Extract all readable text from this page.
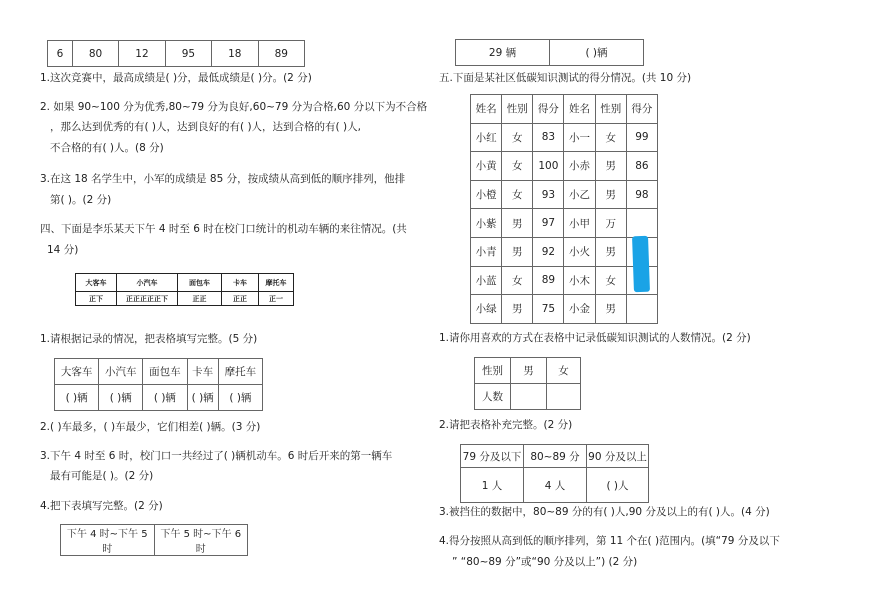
6	80	12	95	18	89
1.这次竞赛中，最高成绩是( )分，最低成绩是( )分。(2 分)
2. 如果 90~100 分为优秀,80~79 分为良好,60~79 分为合格,60 分以下为不合格
，那么达到优秀的有( )人，达到良好的有( )人，达到合格的有( )人,
不合格的有( )人。(8 分)
3.在这 18 名学生中，小军的成绩是 85 分，按成绩从高到低的顺序排列，他排
第( )。(2 分)
四、下面是李乐某天下午 4 时至 6 时在校门口统计的机动车辆的来往情况。(共
14 分)
大客车	小汽车	面包车	卡车	摩托车
正下	正正正正正下	正正	正正	正一
1.请根据记录的情况，把表格填写完整。(5 分)
大客车	小汽车	面包车	卡车	摩托车
( )辆	( )辆	( )辆	( )辆	( )辆
2.( )车最多，( )车最少，它们相差( )辆。(3 分)
3.下午 4 时至 6 时，校门口一共经过了( )辆机动车。6 时后开来的第一辆车
最有可能是( )。(2 分)
4.把下表填写完整。(2 分)
下午 4 时~下午 5 时	下午 5 时~下午 6 时
29 辆	( )辆
五.下面是某社区低碳知识测试的得分情况。(共 10 分)
姓名	性别	得分	姓名	性别	得分
小红	女	83	小一	女	99
小黄	女	100	小赤	男	86
小橙	女	93	小乙	男	98
小紫	男	97	小甲	万	
小青	男	92	小火	男	
小蓝	女	89	小木	女	
小绿	男	75	小金	男	
1.请你用喜欢的方式在表格中记录低碳知识测试的人数情况。(2 分)
性别	男	女
人数		
2.请把表格补充完整。(2 分)
79 分及以下	80~89 分	90 分及以上
1 人	4 人	( )人
3.被挡住的数据中，80~89 分的有( )人,90 分及以上的有( )人。(4 分)
4.得分按照从高到低的顺序排列，第 11 个在( )范围内。(填“79 分及以下
” “80~89 分”或“90 分及以上”) (2 分)
